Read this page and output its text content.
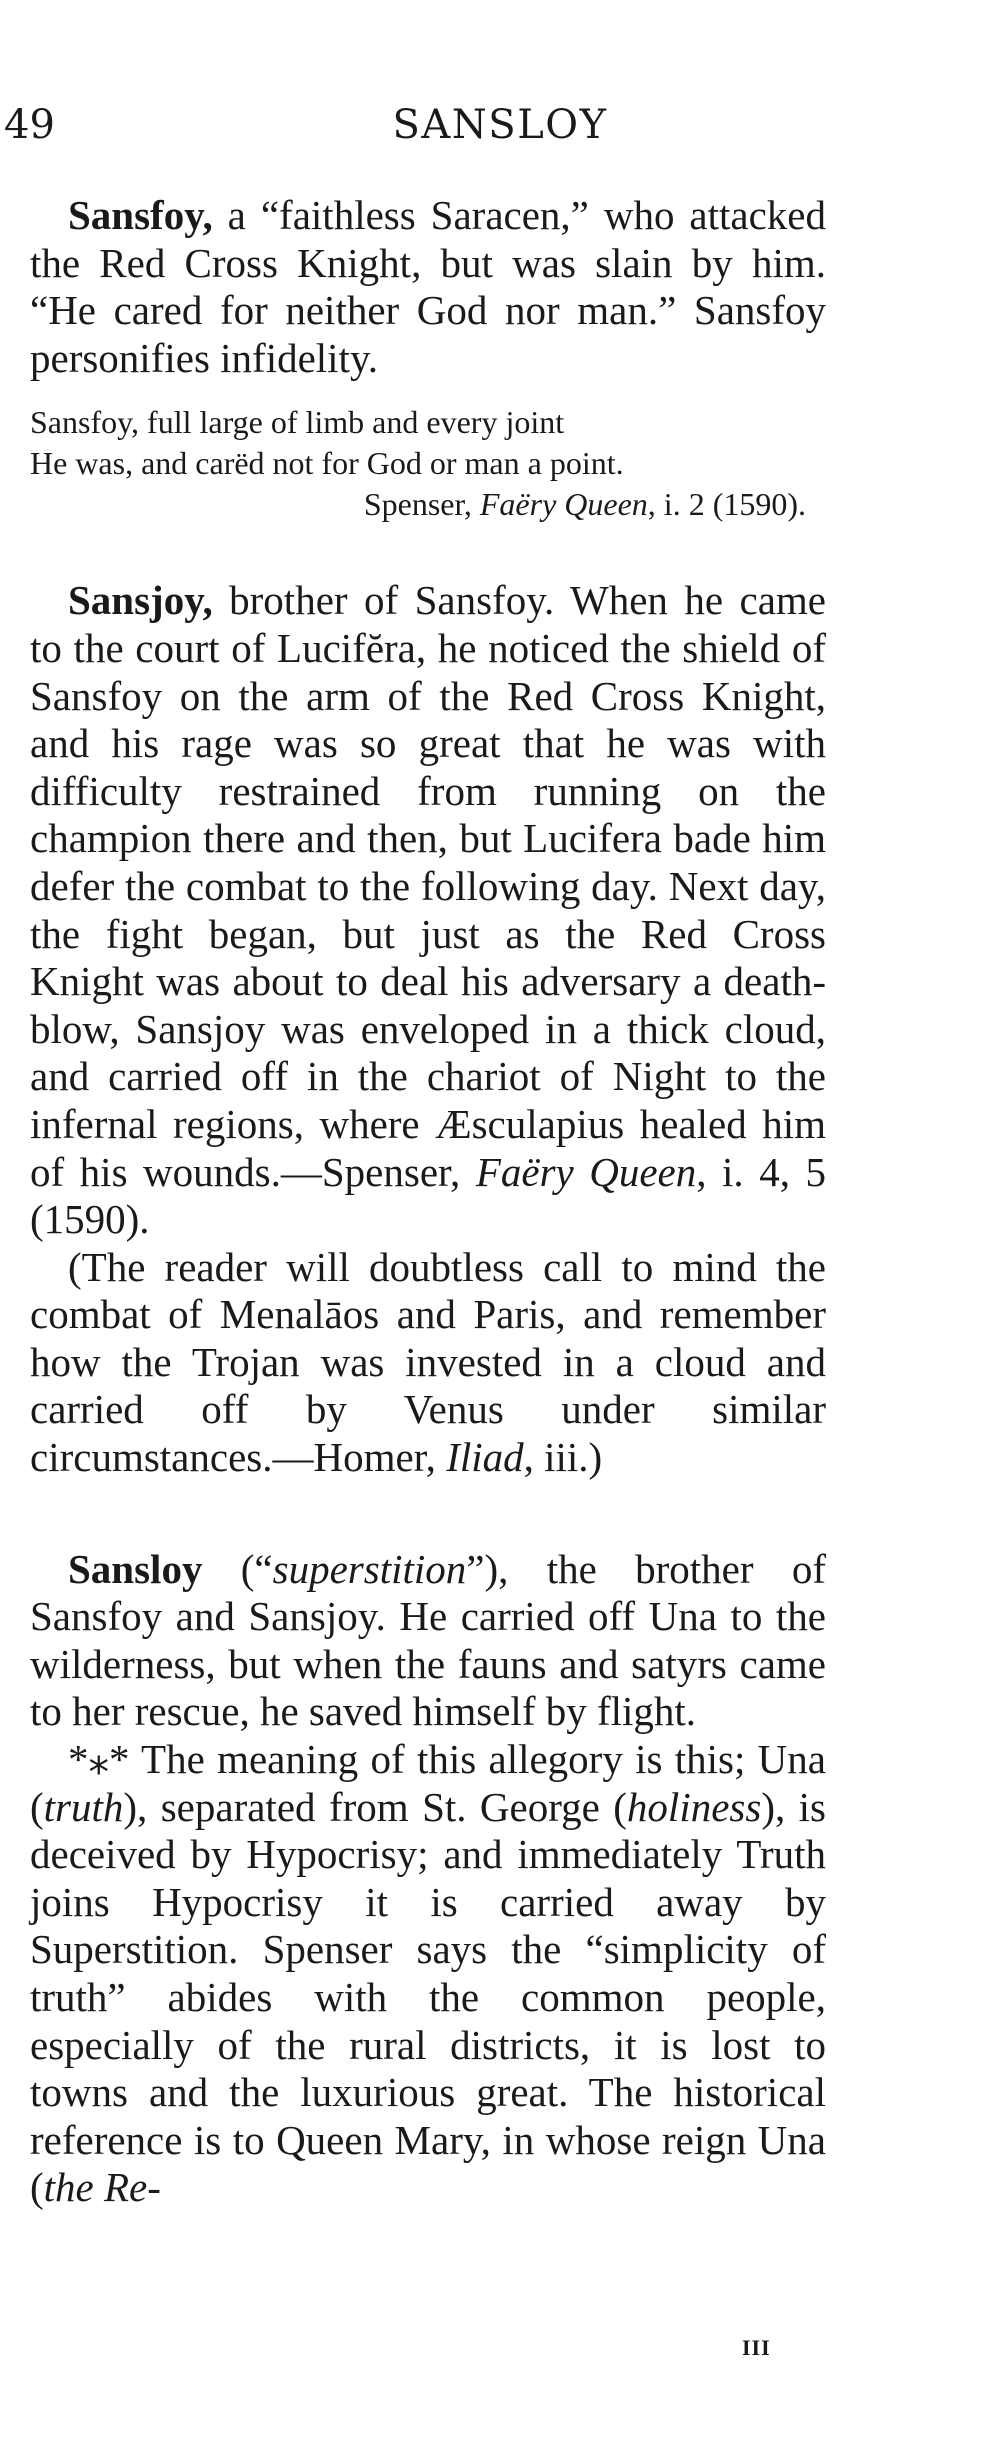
49	SANSLOY

Sansfoy, a “faithless Saracen,” who attacked the Red Cross Knight, but was slain by him. “He cared for neither God nor man.” Sansfoy personifies infidelity.

Sansfoy, full large of limb and every joint
He was, and carëd not for God or man a point.
Spenser, Faëry Queen, i. 2 (1590).

Sansjoy, brother of Sansfoy. When he came to the court of Lucifĕra, he noticed the shield of Sansfoy on the arm of the Red Cross Knight, and his rage was so great that he was with difficulty restrained from running on the champion there and then, but Lucifera bade him defer the combat to the following day. Next day, the fight began, but just as the Red Cross Knight was about to deal his adversary a death-blow, Sansjoy was enveloped in a thick cloud, and carried off in the chariot of Night to the infernal regions, where Æsculapius healed him of his wounds.—Spenser, Faëry Queen, i. 4, 5 (1590).

(The reader will doubtless call to mind the combat of Menalāos and Paris, and remember how the Trojan was invested in a cloud and carried off by Venus under similar circumstances.—Homer, Iliad, iii.)

Sansloy (“superstition”), the brother of Sansfoy and Sansjoy. He carried off Una to the wilderness, but when the fauns and satyrs came to her rescue, he saved himself by flight.

*⁎* The meaning of this allegory is this; Una (truth), separated from St. George (holiness), is deceived by Hypocrisy; and immediately Truth joins Hypocrisy it is carried away by Superstition. Spenser says the “simplicity of truth” abides with the common people, especially of the rural districts, it is lost to towns and the luxurious great. The historical reference is to Queen Mary, in whose reign Una (the Re-

III
